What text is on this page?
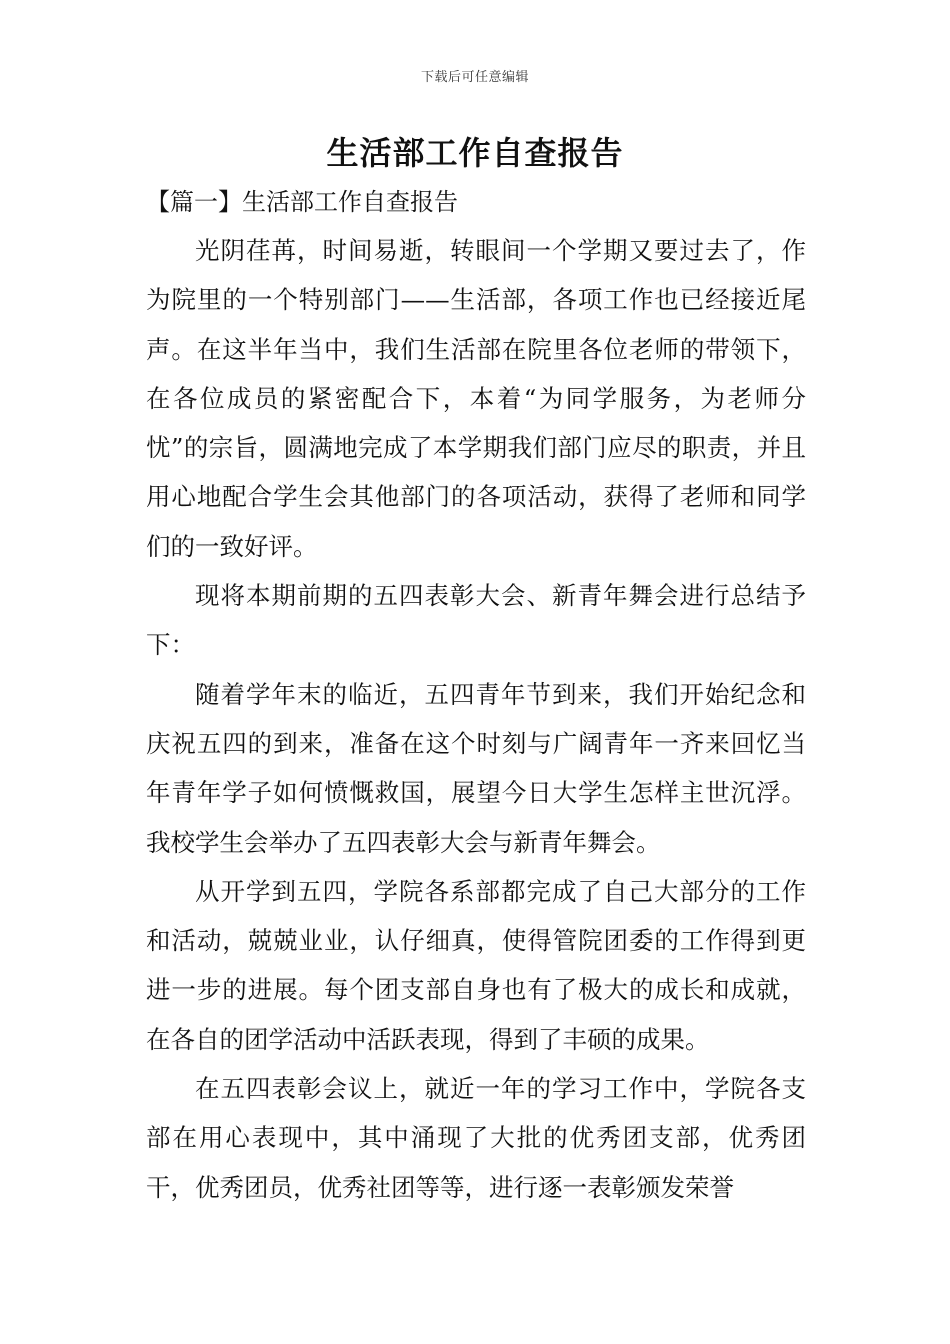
下载后可任意编辑
生活部工作自查报告
【篇一】生活部工作自查报告

光阴荏苒，时间易逝，转眼间一个学期又要过去了，作为院里的一个特别部门——生活部，各项工作也已经接近尾声。在这半年当中，我们生活部在院里各位老师的带领下，在各位成员的紧密配合下，本着“为同学服务，为老师分忧”的宗旨，圆满地完成了本学期我们部门应尽的职责，并且用心地配合学生会其他部门的各项活动，获得了老师和同学们的一致好评。

现将本期前期的五四表彰大会、新青年舞会进行总结予下：

随着学年末的临近，五四青年节到来，我们开始纪念和庆祝五四的到来，准备在这个时刻与广阔青年一齐来回忆当年青年学子如何愤慨救国，展望今日大学生怎样主世沉浮。我校学生会举办了五四表彰大会与新青年舞会。

从开学到五四，学院各系部都完成了自己大部分的工作和活动，兢兢业业，认仔细真，使得管院团委的工作得到更进一步的进展。每个团支部自身也有了极大的成长和成就，在各自的团学活动中活跃表现，得到了丰硕的成果。

在五四表彰会议上，就近一年的学习工作中，学院各支部在用心表现中，其中涌现了大批的优秀团支部，优秀团干，优秀团员，优秀社团等等，进行逐一表彰颁发荣誉
